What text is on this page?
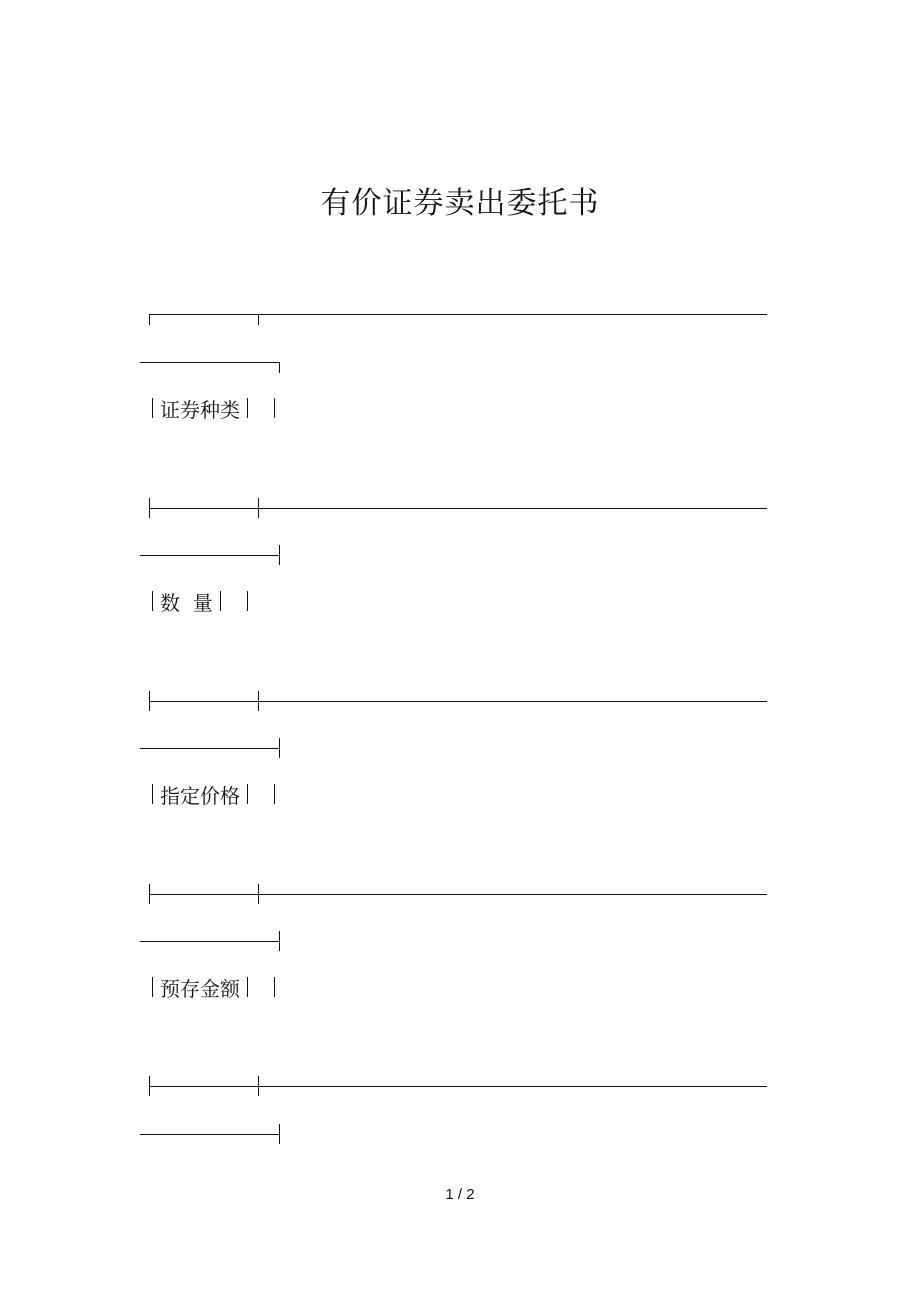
有价证券卖出委托书
证券种类
数  量
指定价格
预存金额
1 / 2
